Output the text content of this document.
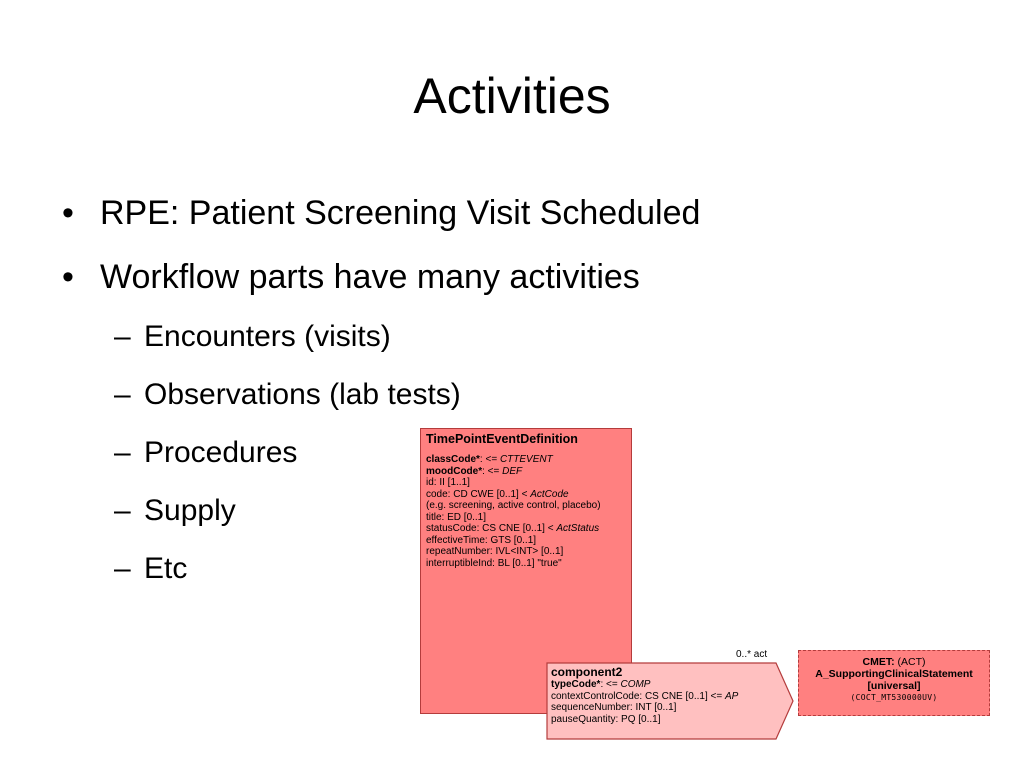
Activities
• RPE: Patient Screening Visit Scheduled
• Workflow parts have many activities
– Encounters (visits)
– Observations (lab tests)
– Procedures
– Supply
– Etc
TimePointEventDefinition
classCode*: <= CTTEVENT
moodCode*: <= DEF
id: II [1..1]
code: CD CWE [0..1] < ActCode
(e.g. screening, active control, placebo)
title: ED [0..1]
statusCode: CS CNE [0..1] < ActStatus
effectiveTime: GTS [0..1]
repeatNumber: IVL<INT> [0..1]
interruptibleInd: BL [0..1] "true"
0..* act
component2
typeCode*: <= COMP
contextControlCode: CS CNE [0..1] <= AP
sequenceNumber: INT [0..1]
pauseQuantity: PQ [0..1]
CMET: (ACT)
A_SupportingClinicalStatement
[universal]
(COCT_MT530000UV)
